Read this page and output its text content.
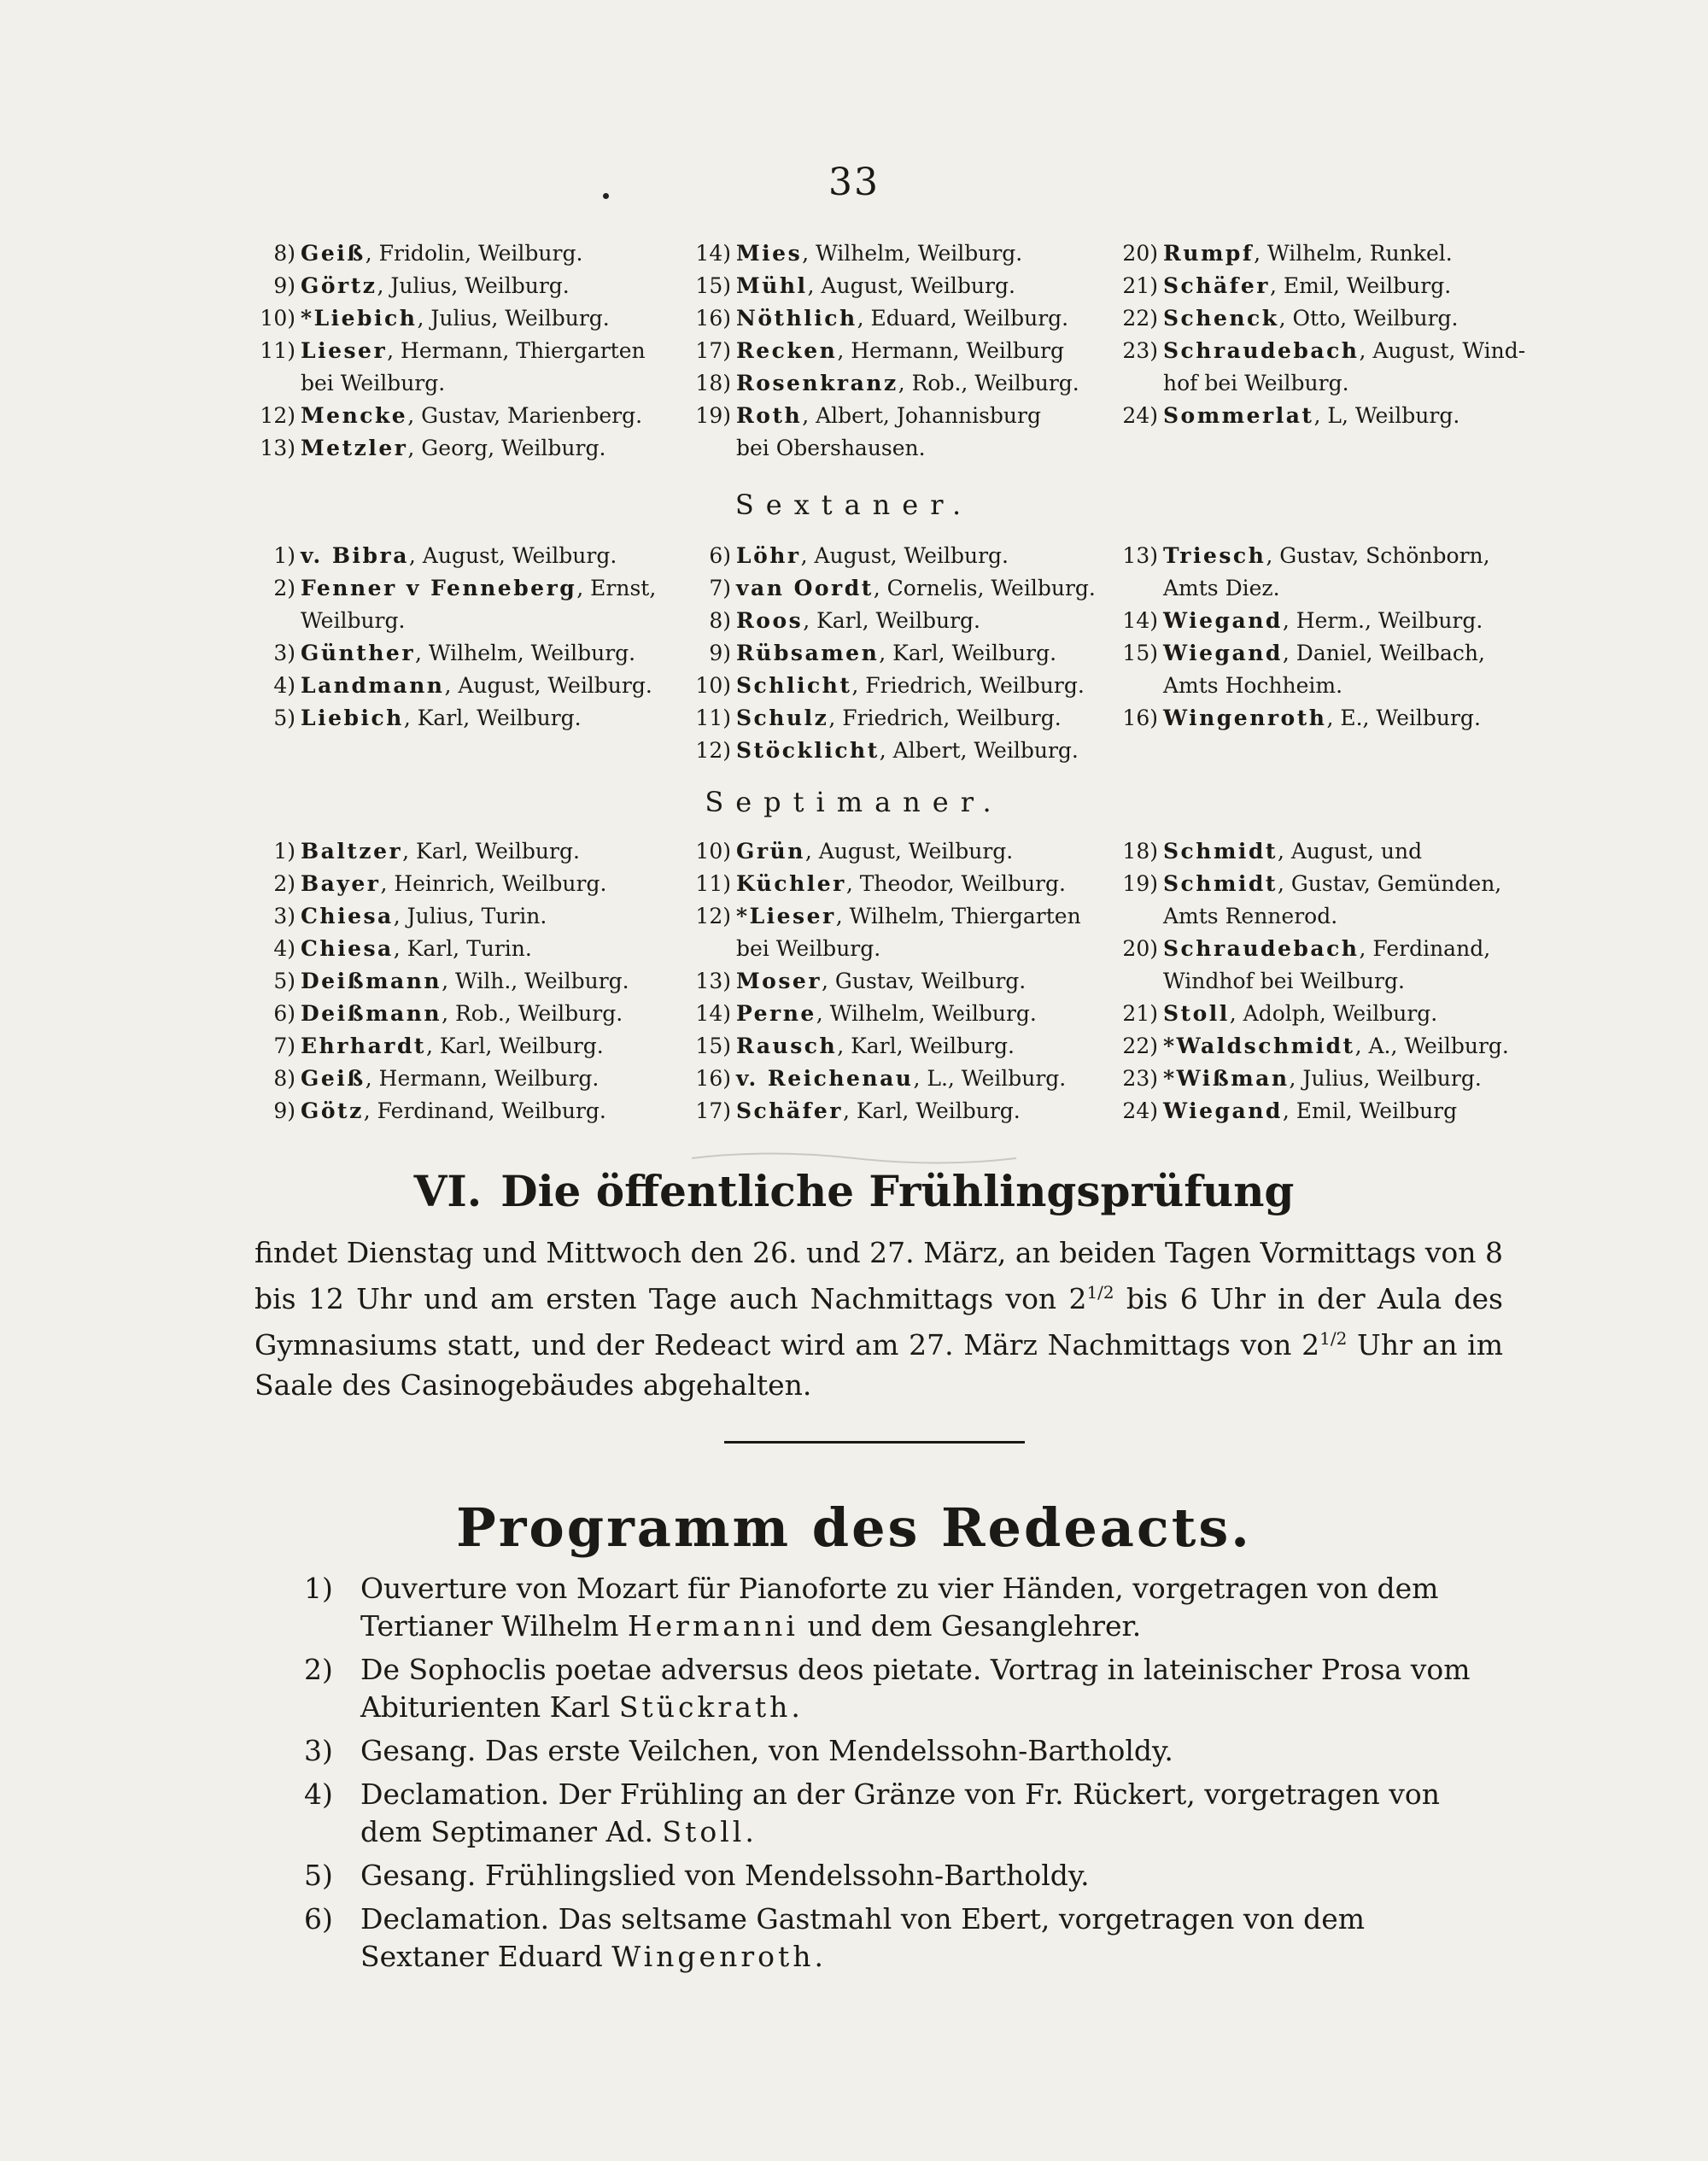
33
8) Geiß, Fridolin, Weilburg.
9) Görtz, Julius, Weilburg.
10) *Liebich, Julius, Weilburg.
11) Lieser, Hermann, Thiergarten
bei Weilburg.
12) Mencke, Gustav, Marienberg.
13) Metzler, Georg, Weilburg.
14) Mies, Wilhelm, Weilburg.
15) Mühl, August, Weilburg.
16) Nöthlich, Eduard, Weilburg.
17) Recken, Hermann, Weilburg
18) Rosenkranz, Rob., Weilburg.
19) Roth, Albert, Johannisburg
bei Obershausen.
20) Rumpf, Wilhelm, Runkel.
21) Schäfer, Emil, Weilburg.
22) Schenck, Otto, Weilburg.
23) Schraudebach, August, Wind-
hof bei Weilburg.
24) Sommerlat, L, Weilburg.
Sextaner.
1) v. Bibra, August, Weilburg.
2) Fenner v Fenneberg, Ernst,
Weilburg.
3) Günther, Wilhelm, Weilburg.
4) Landmann, August, Weilburg.
5) Liebich, Karl, Weilburg.
6) Löhr, August, Weilburg.
7) van Oordt, Cornelis, Weilburg.
8) Roos, Karl, Weilburg.
9) Rübsamen, Karl, Weilburg.
10) Schlicht, Friedrich, Weilburg.
11) Schulz, Friedrich, Weilburg.
12) Stöcklicht, Albert, Weilburg.
13) Triesch, Gustav, Schönborn,
Amts Diez.
14) Wiegand, Herm., Weilburg.
15) Wiegand, Daniel, Weilbach,
Amts Hochheim.
16) Wingenroth, E., Weilburg.
Septimaner.
1) Baltzer, Karl, Weilburg.
2) Bayer, Heinrich, Weilburg.
3) Chiesa, Julius, Turin.
4) Chiesa, Karl, Turin.
5) Deißmann, Wilh., Weilburg.
6) Deißmann, Rob., Weilburg.
7) Ehrhardt, Karl, Weilburg.
8) Geiß, Hermann, Weilburg.
9) Götz, Ferdinand, Weilburg.
10) Grün, August, Weilburg.
11) Küchler, Theodor, Weilburg.
12) *Lieser, Wilhelm, Thiergarten
bei Weilburg.
13) Moser, Gustav, Weilburg.
14) Perne, Wilhelm, Weilburg.
15) Rausch, Karl, Weilburg.
16) v. Reichenau, L., Weilburg.
17) Schäfer, Karl, Weilburg.
18) Schmidt, August, und
19) Schmidt, Gustav, Gemünden,
Amts Rennerod.
20) Schraudebach, Ferdinand,
Windhof bei Weilburg.
21) Stoll, Adolph, Weilburg.
22) *Waldschmidt, A., Weilburg.
23) *Wißman, Julius, Weilburg.
24) Wiegand, Emil, Weilburg
VI. Die öffentliche Frühlingsprüfung
findet Dienstag und Mittwoch den 26. und 27. März, an beiden Tagen Vormittags von 8 bis 12 Uhr und am ersten Tage auch Nachmittags von $2^{1/2}$ bis 6 Uhr in der Aula des Gymnasiums statt, und der Redeact wird am 27. März Nachmittags von $2^{1/2}$ Uhr an im Saale des Casinogebäudes abgehalten.
Programm des Redeacts.
1) Ouverture von Mozart für Pianoforte zu vier Händen, vorgetragen von dem Tertianer Wilhelm Hermanni und dem Gesanglehrer.
2) De Sophoclis poetae adversus deos pietate. Vortrag in lateinischer Prosa vom Abiturienten Karl Stückrath.
3) Gesang. Das erste Veilchen, von Mendelssohn-Bartholdy.
4) Declamation. Der Frühling an der Gränze von Fr. Rückert, vorgetragen von dem Septimaner Ad. Stoll.
5) Gesang. Frühlingslied von Mendelssohn-Bartholdy.
6) Declamation. Das seltsame Gastmahl von Ebert, vorgetragen von dem Sextaner Eduard Wingenroth.
